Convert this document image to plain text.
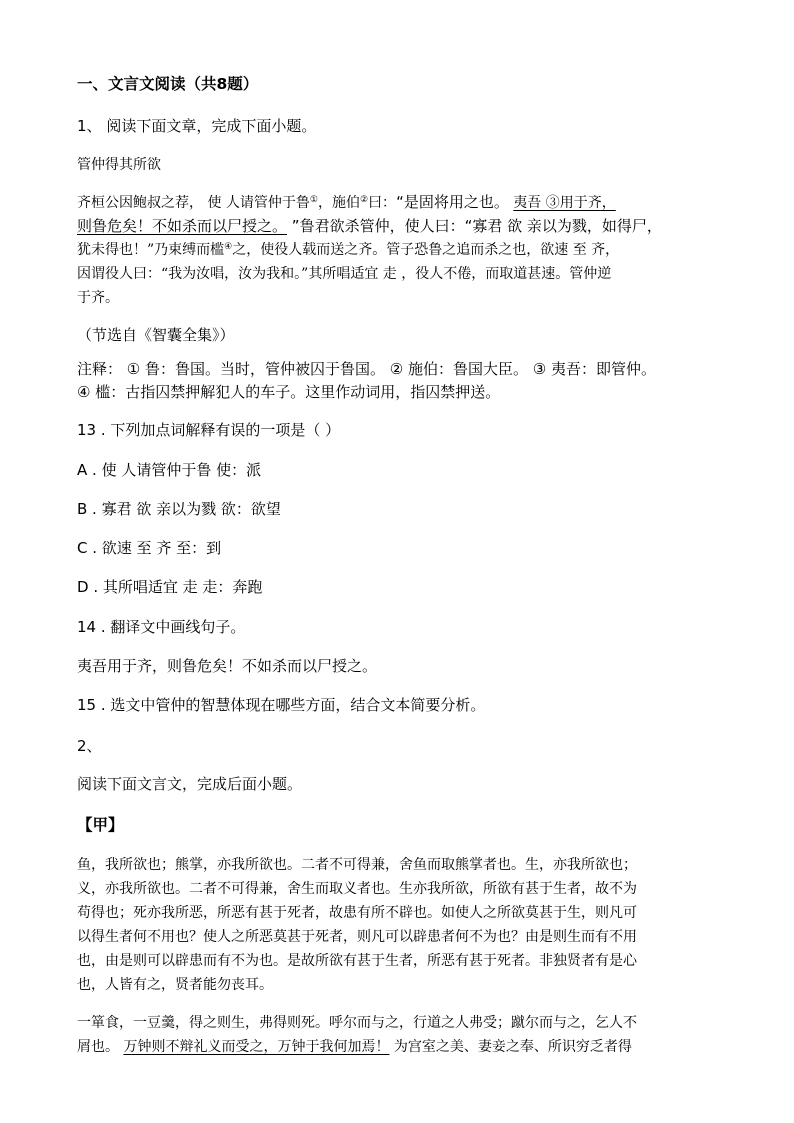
一、文言文阅读（共8题）

1、 阅读下面文章，完成下面小题。

管仲得其所欲

齐桓公因鲍叔之荐， 使 人请管仲于鲁①，施伯②曰：“是固将用之也。 夷吾 ③用于齐，

则鲁危矣！不如杀而以尸授之。 ”鲁君欲杀管仲，使人曰：“寡君 欲 亲以为戮，如得尸，

犹未得也！”乃束缚而槛④之，使役人载而送之齐。管子恐鲁之追而杀之也，欲速 至 齐，

因谓役人曰：“我为汝唱，汝为我和。”其所唱适宜 走 ，役人不倦，而取道甚速。管仲逆

于齐。

（节选自《智囊全集》）

注释： ① 鲁：鲁国。当时，管仲被囚于鲁国。 ② 施伯：鲁国大臣。 ③ 夷吾：即管仲。

④ 槛：古指囚禁押解犯人的车子。这里作动词用，指囚禁押送。

13 . 下列加点词解释有误的一项是（ ）

A . 使 人请管仲于鲁 使：派

B . 寡君 欲 亲以为戮 欲：欲望

C . 欲速 至 齐 至：到

D . 其所唱适宜 走 走：奔跑

14 . 翻译文中画线句子。

夷吾用于齐，则鲁危矣！不如杀而以尸授之。

15 . 选文中管仲的智慧体现在哪些方面，结合文本简要分析。

2、

阅读下面文言文，完成后面小题。

【甲】

鱼，我所欲也；熊掌，亦我所欲也。二者不可得兼，舍鱼而取熊掌者也。生，亦我所欲也；

义，亦我所欲也。二者不可得兼，舍生而取义者也。生亦我所欲，所欲有甚于生者，故不为

苟得也；死亦我所恶，所恶有甚于死者，故患有所不辟也。如使人之所欲莫甚于生，则凡可

以得生者何不用也？使人之所恶莫甚于死者，则凡可以辟患者何不为也？由是则生而有不用

也，由是则可以辟患而有不为也。是故所欲有甚于生者，所恶有甚于死者。非独贤者有是心

也，人皆有之，贤者能勿丧耳。

一箪食，一豆羹，得之则生，弗得则死。呼尔而与之，行道之人弗受；蹴尔而与之，乞人不

屑也。 万钟则不辩礼义而受之，万钟于我何加焉！ 为宫室之美、妻妾之奉、所识穷乏者得
